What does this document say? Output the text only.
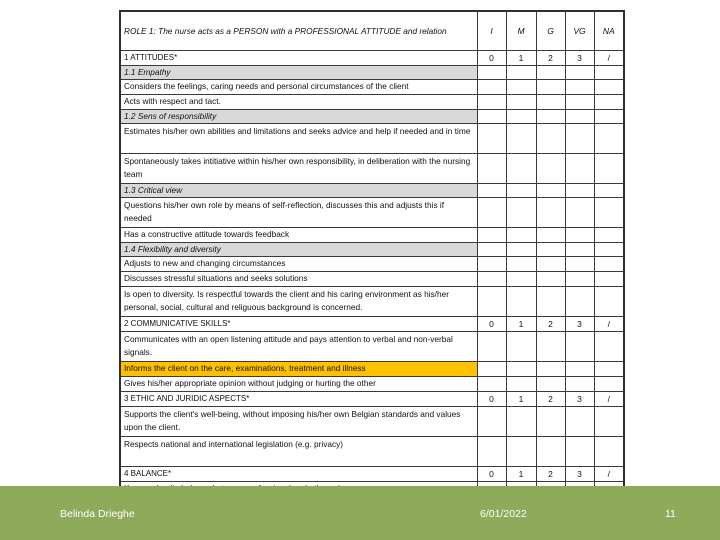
ROLE 1: The nurse acts as a PERSON with a PROFESSIONAL ATTITUDE and relation	I	M	G	VG	NA
1 ATTITUDES*	0	1	2	3	/
1.1 Empathy					
Considers the feelings, caring needs and personal circumstances of the client					
Acts with respect and tact.					
1.2 Sens of responsibility					
Estimates his/her own abilities and limitations and seeks advice and help if needed and in time					
Spontaneously takes intitiative within his/her own responsibility, in deliberation with the nursing team					
1.3 Critical view					
Questions his/her own role by means of self-reflection, discusses this and adjusts this if needed					
Has a constructive attitude towards feedback					
1.4 Flexibility and diversity					
Adjusts to new and changing circumstances					
Discusses stressful situations and seeks solutions					
Is open to diversity. Is respectful towards the client and his caring environment as his/her personal, social, cultural and religuous background is concerned.					
2 COMMUNICATIVE SKILLS*	0	1	2	3	/
Communicates with an open listening attitude and pays attention to verbal and non-verbal signals.					
Informs the client on the care, examinations, treatment and illness					
Gives his/her appropriate opinion without judging or hurting the other					
3 ETHIC AND JURIDIC ASPECTS*	0	1	2	3	/
Supports the client's well-being, without imposing his/her own Belgian standards and values upon the client.					
Respects national and international legislation (e.g. privacy)					
4 BALANCE*	0	1	2	3	/

Belinda Drieghe	6/01/2022	11
